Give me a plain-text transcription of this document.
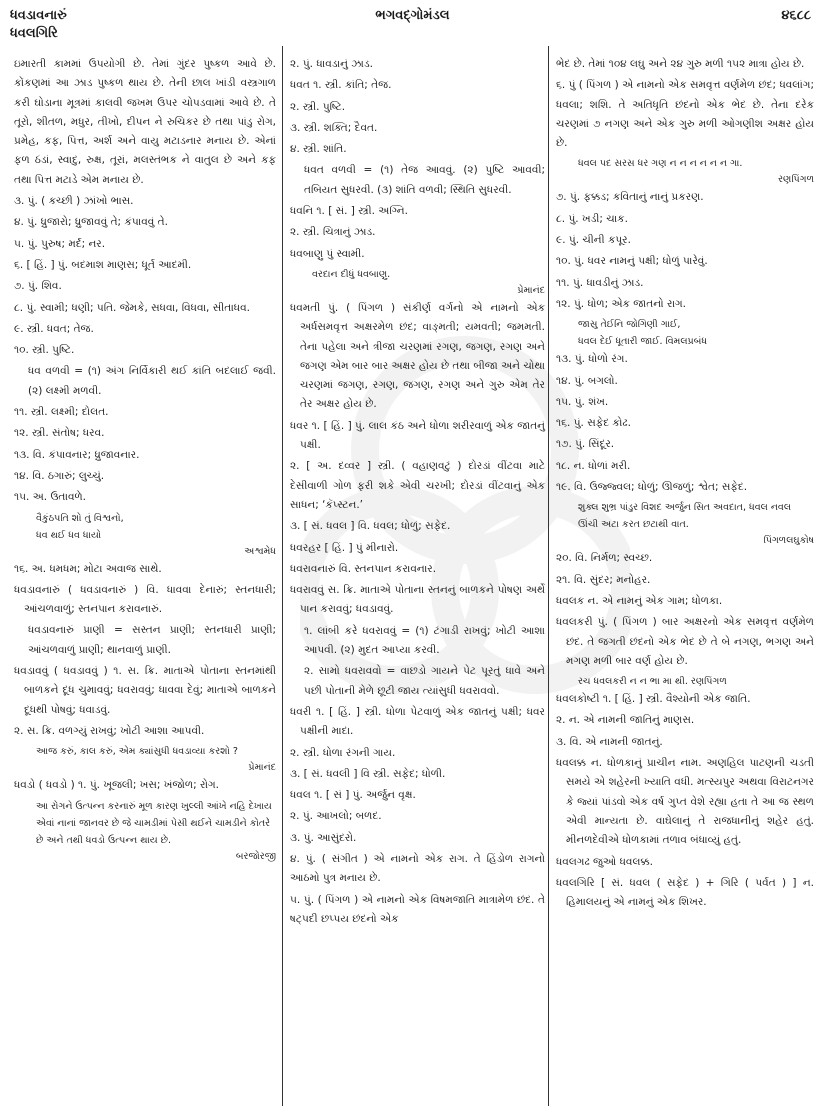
ધવડાવનારું
ધવલગિરિ
ભગવદ્ગોમંડલ	૪૬૮૮

ઇમારતી કામમાં ઉપયોગી છે. તેમાં ગુંદર પુષ્કળ આવે છે. કોંકણમાં આ ઝાડ પુષ્કળ થાય છે. તેની છાલ ખાંડી વસ્ત્રગાળ કરી ઘોડાના મૂત્રમાં કાલવી જખમ ઉપર ચોપડવામાં આવે છે. તે તૂરો, શીતળ, મધુર, તીખો, દીપન ને રુચિકર છે તથા પાંડુ રોગ, પ્રમેહ, કફ, પિત્ત, અર્શ અને વાયુ મટાડનાર મનાય છે. એનાં ફળ ઠંડાં, સ્વાદુ, રુક્ષ, તૂરાં, મલસ્તંભક ને વાતુલ છે અને કફ તથા પિત્ત મટાડે એમ મનાય છે.

૩. પું. ( કચ્છી ) ઝાંખો ભાસ.

૪. પું. ધ્રુજારો; ધ્રુજાવવું તે; કંપાવવું તે.

૫. પું. પુરુષ; મર્દ; નર.

૬. [ હિં. ] પું. બદમાશ માણસ; ધૂર્ત આદમી.

૭. પું. શિવ.

૮. પું. સ્વામી; ધણી; પતિ. જેમકે, સધવા, વિધવા, સીતાધવ.

૯. સ્ત્રી. ધવત; તેજ.

૧૦. સ્ત્રી. પુષ્ટિ.

ધવ વળવી = (૧) અંગ નિર્વિકારી થઈ કાંતિ બદલાઈ જવી. (૨) લક્ષ્મી મળવી.

૧૧. સ્ત્રી. લક્ષ્મી; દોલત.

૧૨. સ્ત્રી. સંતોષ; ધરવ.

૧૩. વિ. કંપાવનાર; ધ્રુજાવનાર.

૧૪. વિ. ઠગારું; લુચ્ચું.

૧૫. અ. ઉતાવળે.

વૈકુંઠપતિ શો તું વિશ્વનો,

ધવ થઈ ધવ ધાયો

અશ્વમેધ

૧૬. અ. ધમધમ; મોટા અવાજ સાથે.

ધવડાવનારું ( ધવડાવનારું ) વિ. ધાવવા દેનારું; સ્તનધારી; આંચળવાળું; સ્તનપાન કરાવનારું.

ધવડાવનારું પ્રાણી = સસ્તન પ્રાણી; સ્તનધારી પ્રાણી; આંચળવાળું પ્રાણી; થાનવાળું પ્રાણી.

ધવડાવવું ( ધવડાવવું ) ૧. સ. ક્રિ. માતાએ પોતાના સ્તનમાંથી બાળકને દૂધ ચુમાવવું; ધવરાવવું; ધાવવા દેવું; માતાએ બાળકને દૂધથી પોષવું; ધવાડવું.

૨. સ. ક્રિ. વળગ્યું રાખવું; ખોટી આશા આપવી.

આજ કરું, કાલ કરું, એમ ક્યાંસુધી ધવડાવ્યા કરશો ?

પ્રેમાનંદ

ધવડો ( ધવડો ) ૧. પું. ખૂજલી; ખસ; ખંજોળ; રોગ.

આ રોગને ઉત્પન્ન કરનારું મૂળ કારણ ખુલ્લી આંખે નહિ દેખાય એવાં નાનાં જાનવર છે જે ચામડીમાં પેસી થઈને ચામડીને કોતરે છે અને તથી ધવડો ઉત્પન્ન થાય છે.

બરજોરજી

૨. પું. ધાવડાનું ઝાડ.

ધવત ૧. સ્ત્રી. કાંતિ; તેજ.

૨. સ્ત્રી. પુષ્ટિ.

૩. સ્ત્રી. શક્તિ; દૈવત.

૪. સ્ત્રી. શાંતિ.

ધવત વળવી = (૧) તેજ આવવું. (૨) પુષ્ટિ આવવી; તબિયત સુધરવી. (૩) શાંતિ વળવી; સ્થિતિ સુધરવી.

ધવનિ ૧. [ સં. ] સ્ત્રી. અગ્નિ.

૨. સ્ત્રી. ચિત્રાનું ઝાડ.

ધવબાણુ પું સ્વામી.

વરદાન દીધું ધવબાણુ.

પ્રેમાનંદ

ધવમતી પું. ( પિંગળ ) સંકીર્ણ વર્ગનો એ નામનો એક અર્ધસમવૃત્ત અક્ષરમેળ છંદ; વાઙ્મતી; યમવતી; જમમતી. તેના પહેલા અને ત્રીજા ચરણમાં રગણ, જગણ, રગણ અને જગણ એમ બાર બાર અક્ષર હોય છે તથા બીજા અને ચોથા ચરણમાં જગણ, રગણ, જગણ, રગણ અને ગુરુ એમ તેર તેર અક્ષર હોય છે.

ધવર ૧. [ હિં. ] પું. લાલ કંઠ અને ધોળા શરીરવાળું એક જાતનું પક્ષી.

૨. [ અ. દવ્વર ] સ્ત્રી. ( વહાણવટું ) દોરડાં વીંટવા માટે દેસીવાળી ગોળ ફરી શકે એવી ચરખી; દોરડાં વીંટવાનું એક સાધન; ‘કૅપ્સ્ટન.’

૩. [ સં. ધવલ ] વિ. ધવલ; ધોળું; સફેદ.

ધવરહર [ હિં. ] પું મીનારો.

ધવરાવનારું વિ. સ્તનપાન કરાવનાર.

ધવરાવવું સ. ક્રિ. માતાએ પોતાના સ્તનનું બાળકને પોષણ અર્થે પાન કરાવવું; ધવડાવવું.

૧. લાંબી કરે ધવરાવવું = (૧) ટંગાડી રાખવું; ખોટી આશા આપવી. (૨) મુદત આપ્યા કરવી.

૨. સામો ધવરાવવો = વાછડો ગાયને પેટ પૂરતું ધાવે અને પછી પોતાની મેળે છૂટી જાય ત્યાંસુધી ધવરાવવો.

ધવરી ૧. [ હિં. ] સ્ત્રી. ધોળા પેટવાળું એક જાતનું પક્ષી; ધવર પક્ષીની માદા.

૨. સ્ત્રી. ધોળા રંગની ગાય.

૩. [ સં. ધવલી ] વિ સ્ત્રી. સફેદ; ધોળી.

ધવલ ૧. [ સં ] પું. અર્જુન વૃક્ષ.

૨. પું. આખલો; બળદ.

૩. પું. આસુંદરો.

૪. પું. ( સંગીત ) એ નામનો એક રાગ. તે હિંડોળ રાગનો આઠમો પુત્ર મનાય છે.

૫. પું. ( પિંગળ ) એ નામનો એક વિષમજાતિ માત્રામેળ છંદ. તે ષટ્પદી છપ્પય છંદનો એક

ભેદ છે. તેમાં ૧૦૪ લઘુ અને ૨૪ ગુરુ મળી ૧૫૨ માત્રા હોય છે.

૬. પું ( પિંગળ ) એ નામનો એક સમવૃત્ત વર્ણમેળ છંદ; ધવલાંગ; ધવલા; શશિ. તે અતિધૃતિ છંદનો એક ભેદ છે. તેના દરેક ચરણમાં ૭ નગણ અને એક ગુરુ મળી ઓગણીશ અક્ષર હોય છે.

ધવલ પદ સરસ ધર ગણ ન ન ન ન ન ન ગા.

રણપિંગળ

૭. પું. ફક્કડ; કવિતાનું નાનું પ્રકરણ.

૮. પું. ખડી; ચાક.

૯. પું. ચીની કપૂર.

૧૦. પું. ધવર નામનું પક્ષી; ધોળું પારેવું.

૧૧. પું. ધાવડીનું ઝાડ.

૧૨. પું. ધોળ; એક જાતનો રાગ.

જાસુ તેઈનિ જોગિણી ગાઈ,

ધવલ દેઈ ધૂતારી જાઈ. વિમલપ્રબંધ

૧૩. પું. ધોળો રંગ.

૧૪. પું. બગલો.

૧૫. પું. શંખ.

૧૬. પું. સફેદ કોઢ.

૧૭. પું. સિંદૂર.

૧૮. ન. ધોળાં મરી.

૧૯. વિ. ઉજ્જ્વલ; ધોળું; ઊજળું; શ્વેત; સફેદ.

શુક્લ શુભ્ર પાંડુર વિશદ અર્જુન સિત અવદાત, ધવલ નવલ ઊંચી અટા કરત છટાથી વાત.

પિંગળલઘુકોષ

૨૦. વિ. નિર્મળ; સ્વચ્છ.

૨૧. વિ. સુંદર; મનોહર.

ધવલક ન. એ નામનું એક ગામ; ધોળકા.

ધવલકરી પું. ( પિંગળ ) બાર અક્ષરનો એક સમવૃત્ત વર્ણમેળ છંદ. તે જગતી છંદનો એક ભેદ છે તે બે નગણ, ભગણ અને મગણ મળી બાર વર્ણ હોય છે.

રચ ધવલકરી ન ન ભા મા થી. રણપિંગળ

ધવલકોષ્ટી ૧. [ હિં. ] સ્ત્રી. વૈશ્યોની એક જાતિ.

૨. ન. એ નામની જાતિનું માણસ.

૩. વિ. એ નામની જાતનું.

ધવલક્ક ન. ધોળકાનું પ્રાચીન નામ. અણહિલ પાટણની ચડતી સમયે એ શહેરની ખ્યાતિ વધી. મત્સ્યપુર અથવા વિરાટનગર કે જ્યાં પાંડવો એક વર્ષ ગુપ્ત વેશે રહ્યા હતા તે આ જ સ્થળ એવી માન્યતા છે. વાઘેલાનું તે રાજધાનીનું શહેર હતું. મીનળદેવીએ ધોળકામાં તળાવ બંધાવ્યું હતું.

ધવલગઢ જુઓ ધવલક્ક.

ધવલગિરિ [ સં. ધવલ ( સફેદ ) + ગિરિ ( પર્વત ) ] ન. હિમાલયનું એ નામનું એક શિખર.
